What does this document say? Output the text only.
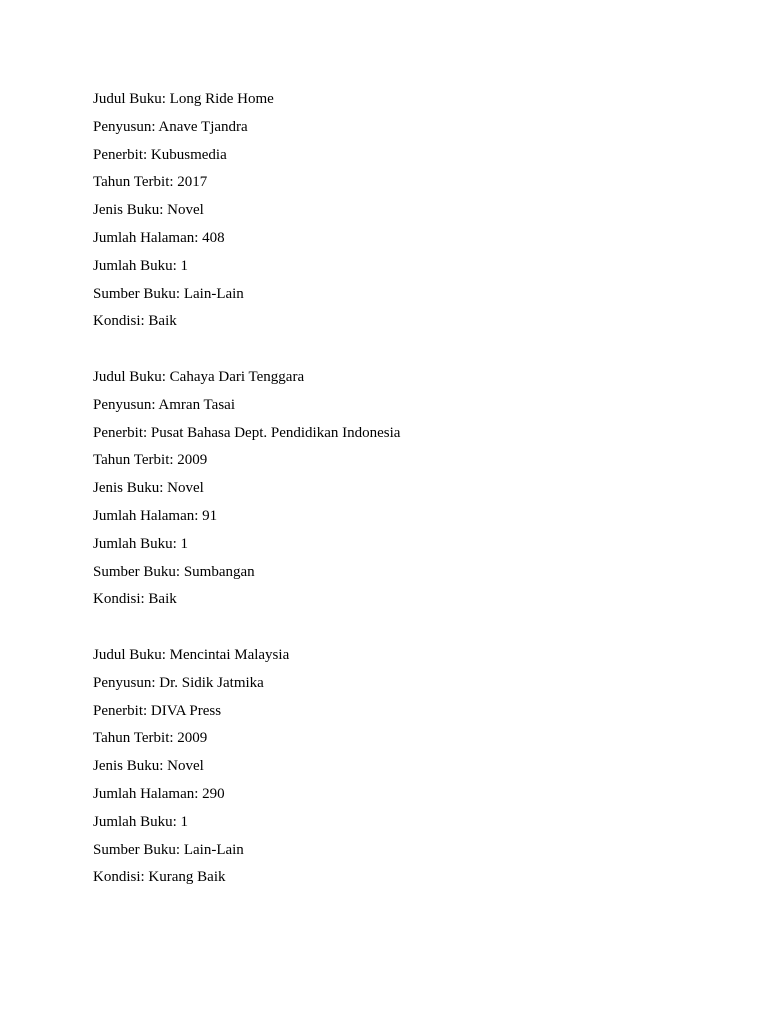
Judul Buku: Long Ride Home
Penyusun: Anave Tjandra
Penerbit: Kubusmedia
Tahun Terbit: 2017
Jenis Buku: Novel
Jumlah Halaman: 408
Jumlah Buku: 1
Sumber Buku: Lain-Lain
Kondisi: Baik
Judul Buku: Cahaya Dari Tenggara
Penyusun: Amran Tasai
Penerbit: Pusat Bahasa Dept. Pendidikan Indonesia
Tahun Terbit: 2009
Jenis Buku: Novel
Jumlah Halaman: 91
Jumlah Buku: 1
Sumber Buku: Sumbangan
Kondisi: Baik
Judul Buku: Mencintai Malaysia
Penyusun: Dr. Sidik Jatmika
Penerbit: DIVA Press
Tahun Terbit: 2009
Jenis Buku: Novel
Jumlah Halaman: 290
Jumlah Buku: 1
Sumber Buku: Lain-Lain
Kondisi: Kurang Baik
